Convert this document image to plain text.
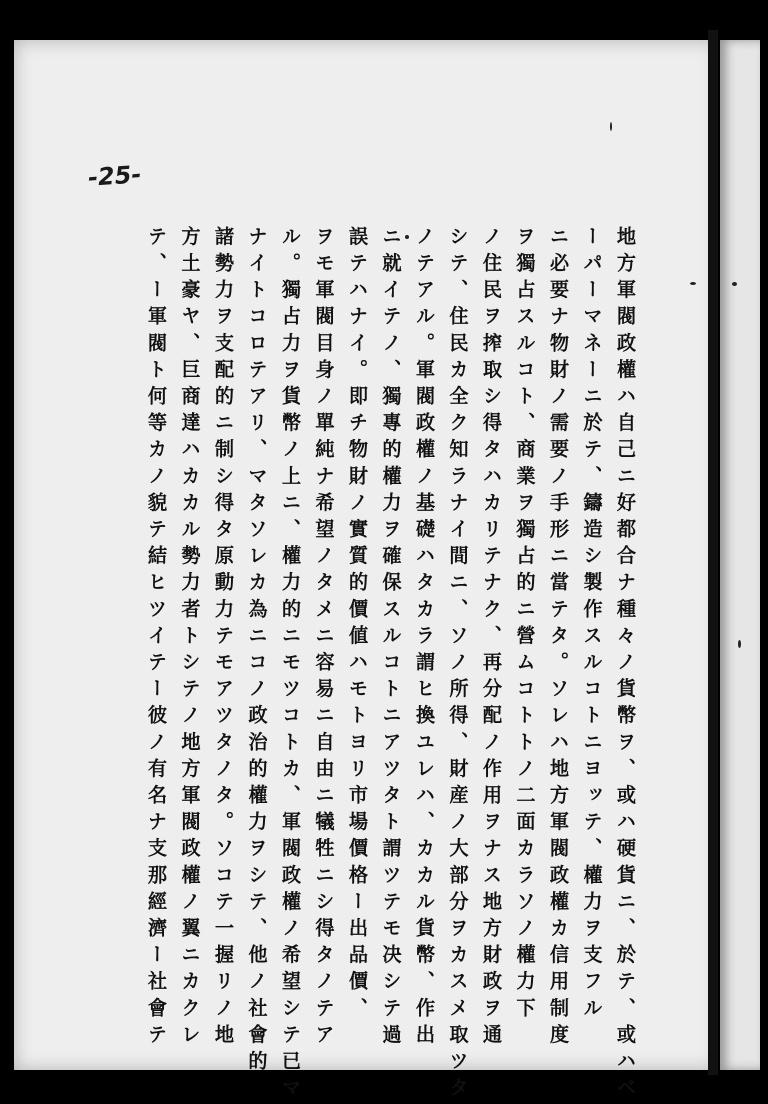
-25-
地方軍閥政權ハ自己ニ好都合ナ種々ノ貨幣ヲ、或ハ硬貨ニ、於テ、或ハベ
ーパーマネーニ於テ、鑄造シ製作スルコトニヨッテ、權力ヲ支フル
ニ必要ナ物財ノ需要ノ手形ニ當テタ。ソレハ地方軍閥政權カ信用制度
ヲ獨占スルコト、商業ヲ獨占的ニ營ムコトトノ二面カラソノ權力下
ノ住民ヲ搾取シ得タハカリテナク、再分配ノ作用ヲナス地方財政ヲ通
シテ、住民カ全ク知ラナイ間ニ、ソノ所得、財産ノ大部分ヲカスメ取ツタ
ノテアル。軍閥政權ノ基礎ハタカラ謂ヒ換ユレハ、カカル貨幣、作出
ニ就イテノ、獨專的權力ヲ確保スルコトニアツタト謂ツテモ决シテ過
誤テハナイ。即チ物財ノ實質的價値ハモトヨリ市場價格ー出品價、
ヲモ軍閥目身ノ單純ナ希望ノタメニ容易ニ自由ニ犠牲ニシ得タノテア
ル。獨占力ヲ貨幣ノ上ニ、權力的ニモツコトカ、軍閥政權ノ希望シテ已マ
ナイトコロテアリ、マタソレカ為ニコノ政治的權力ヲシテ、他ノ社會的
諸勢力ヲ支配的ニ制シ得タ原動力テモアツタノタ。ソコテ一握リノ地
方土豪ヤ、巨商達ハカカル勢力者トシテノ地方軍閥政權ノ翼ニカクレ
テ、ー軍閥ト何等カノ貌テ結ヒツイテー彼ノ有名ナ支那經濟ー社會テ
